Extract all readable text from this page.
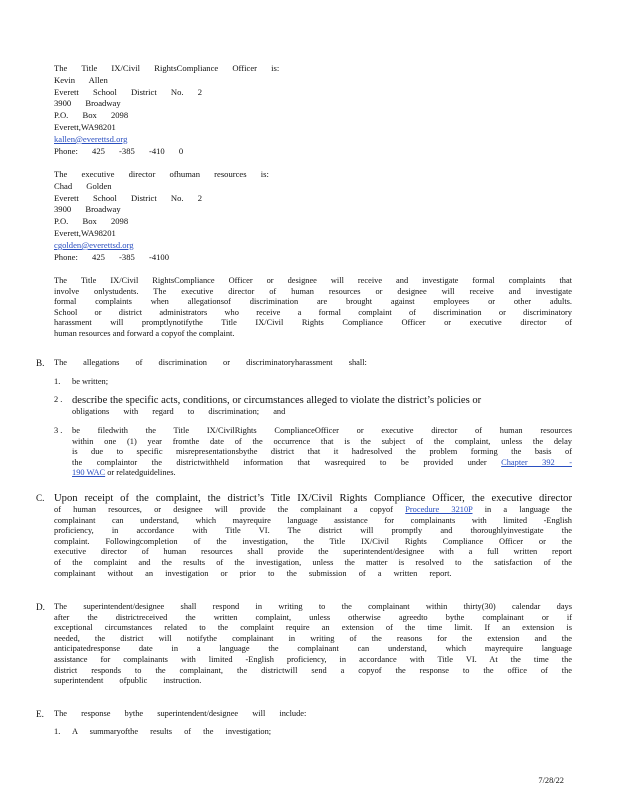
The Title IX/Civil RightsCompliance Officer is:
Kevin Allen
Everett School District No. 2
3900 Broadway
P.O. Box 2098
Everett,WA98201
kallen@everettsd.org
Phone: 425 -385 -410 0
The executive director ofhuman resources is:
Chad Golden
Everett School District No. 2
3900 Broadway
P.O. Box 2098
Everett,WA98201
cgolden@everettsd.org
Phone: 425 -385 -4100
The Title IX/Civil RightsCompliance Officer or designee will receive and investigate formal complaints that
involve onlystudents. The executive director of human resources or designee will receive and investigate
formal complaints when allegationsof discrimination are brought against employees or other adults.
School or district administrators who receive a formal complaint of discrimination or discriminatory
harassment will promptlynotifythe Title IX/Civil Rights Compliance Officer or executive director of
human resources and forward a copyof the complaint.
B. The allegations of discrimination or discriminatoryharassment shall:
1. be written;
2 . describe the specific acts, conditions, or circumstances alleged to violate the district’s policies or
obligations with regard to discrimination; and
3 . be filedwith the Title IX/CivilRights ComplianceOfficer or executive director of human resources
within one (1) year fromthe date of the occurrence that is the subject of the complaint, unless the delay
is due to specific misrepresentationsbythe district that it hadresolved the problem forming the basis of
the complaintor the districtwithheld information that wasrequired to be provided under Chapter 392 -
190 WAC or relatedguidelines.
C. Upon receipt of the complaint, the district’s Title IX/Civil Rights Compliance Officer, the executive director
of human resources, or designee will provide the complainant a copyof Procedure 3210P in a language the
complainant can understand, which mayrequire language assistance for complainants with limited -English
proficiency, in accordance with Title VI. The district will promptly and thoroughlyinvestigate the
complaint. Followingcompletion of the investigation, the Title IX/Civil Rights Compliance Officer or the
executive director of human resources shall provide the superintendent/designee with a full written report
of the complaint and the results of the investigation, unless the matter is resolved to the satisfaction of the
complainant without an investigation or prior to the submission of a written report.
D. The superintendent/designee shall respond in writing to the complainant within thirty(30) calendar days
after the districtreceived the written complaint, unless otherwise agreedto bythe complainant or if
exceptional circumstances related to the complaint require an extension of the time limit. If an extension is
needed, the district will notifythe complainant in writing of the reasons for the extension and the
anticipatedresponse date in a language the complainant can understand, which mayrequire language
assistance for complainants with limited -English proficiency, in accordance with Title VI. At the time the
district responds to the complainant, the districtwill send a copyof the response to the office of the
superintendent ofpublic instruction.
E. The response bythe superintendent/designee will include:
1. A summaryofthe results of the investigation;
7/28/22
